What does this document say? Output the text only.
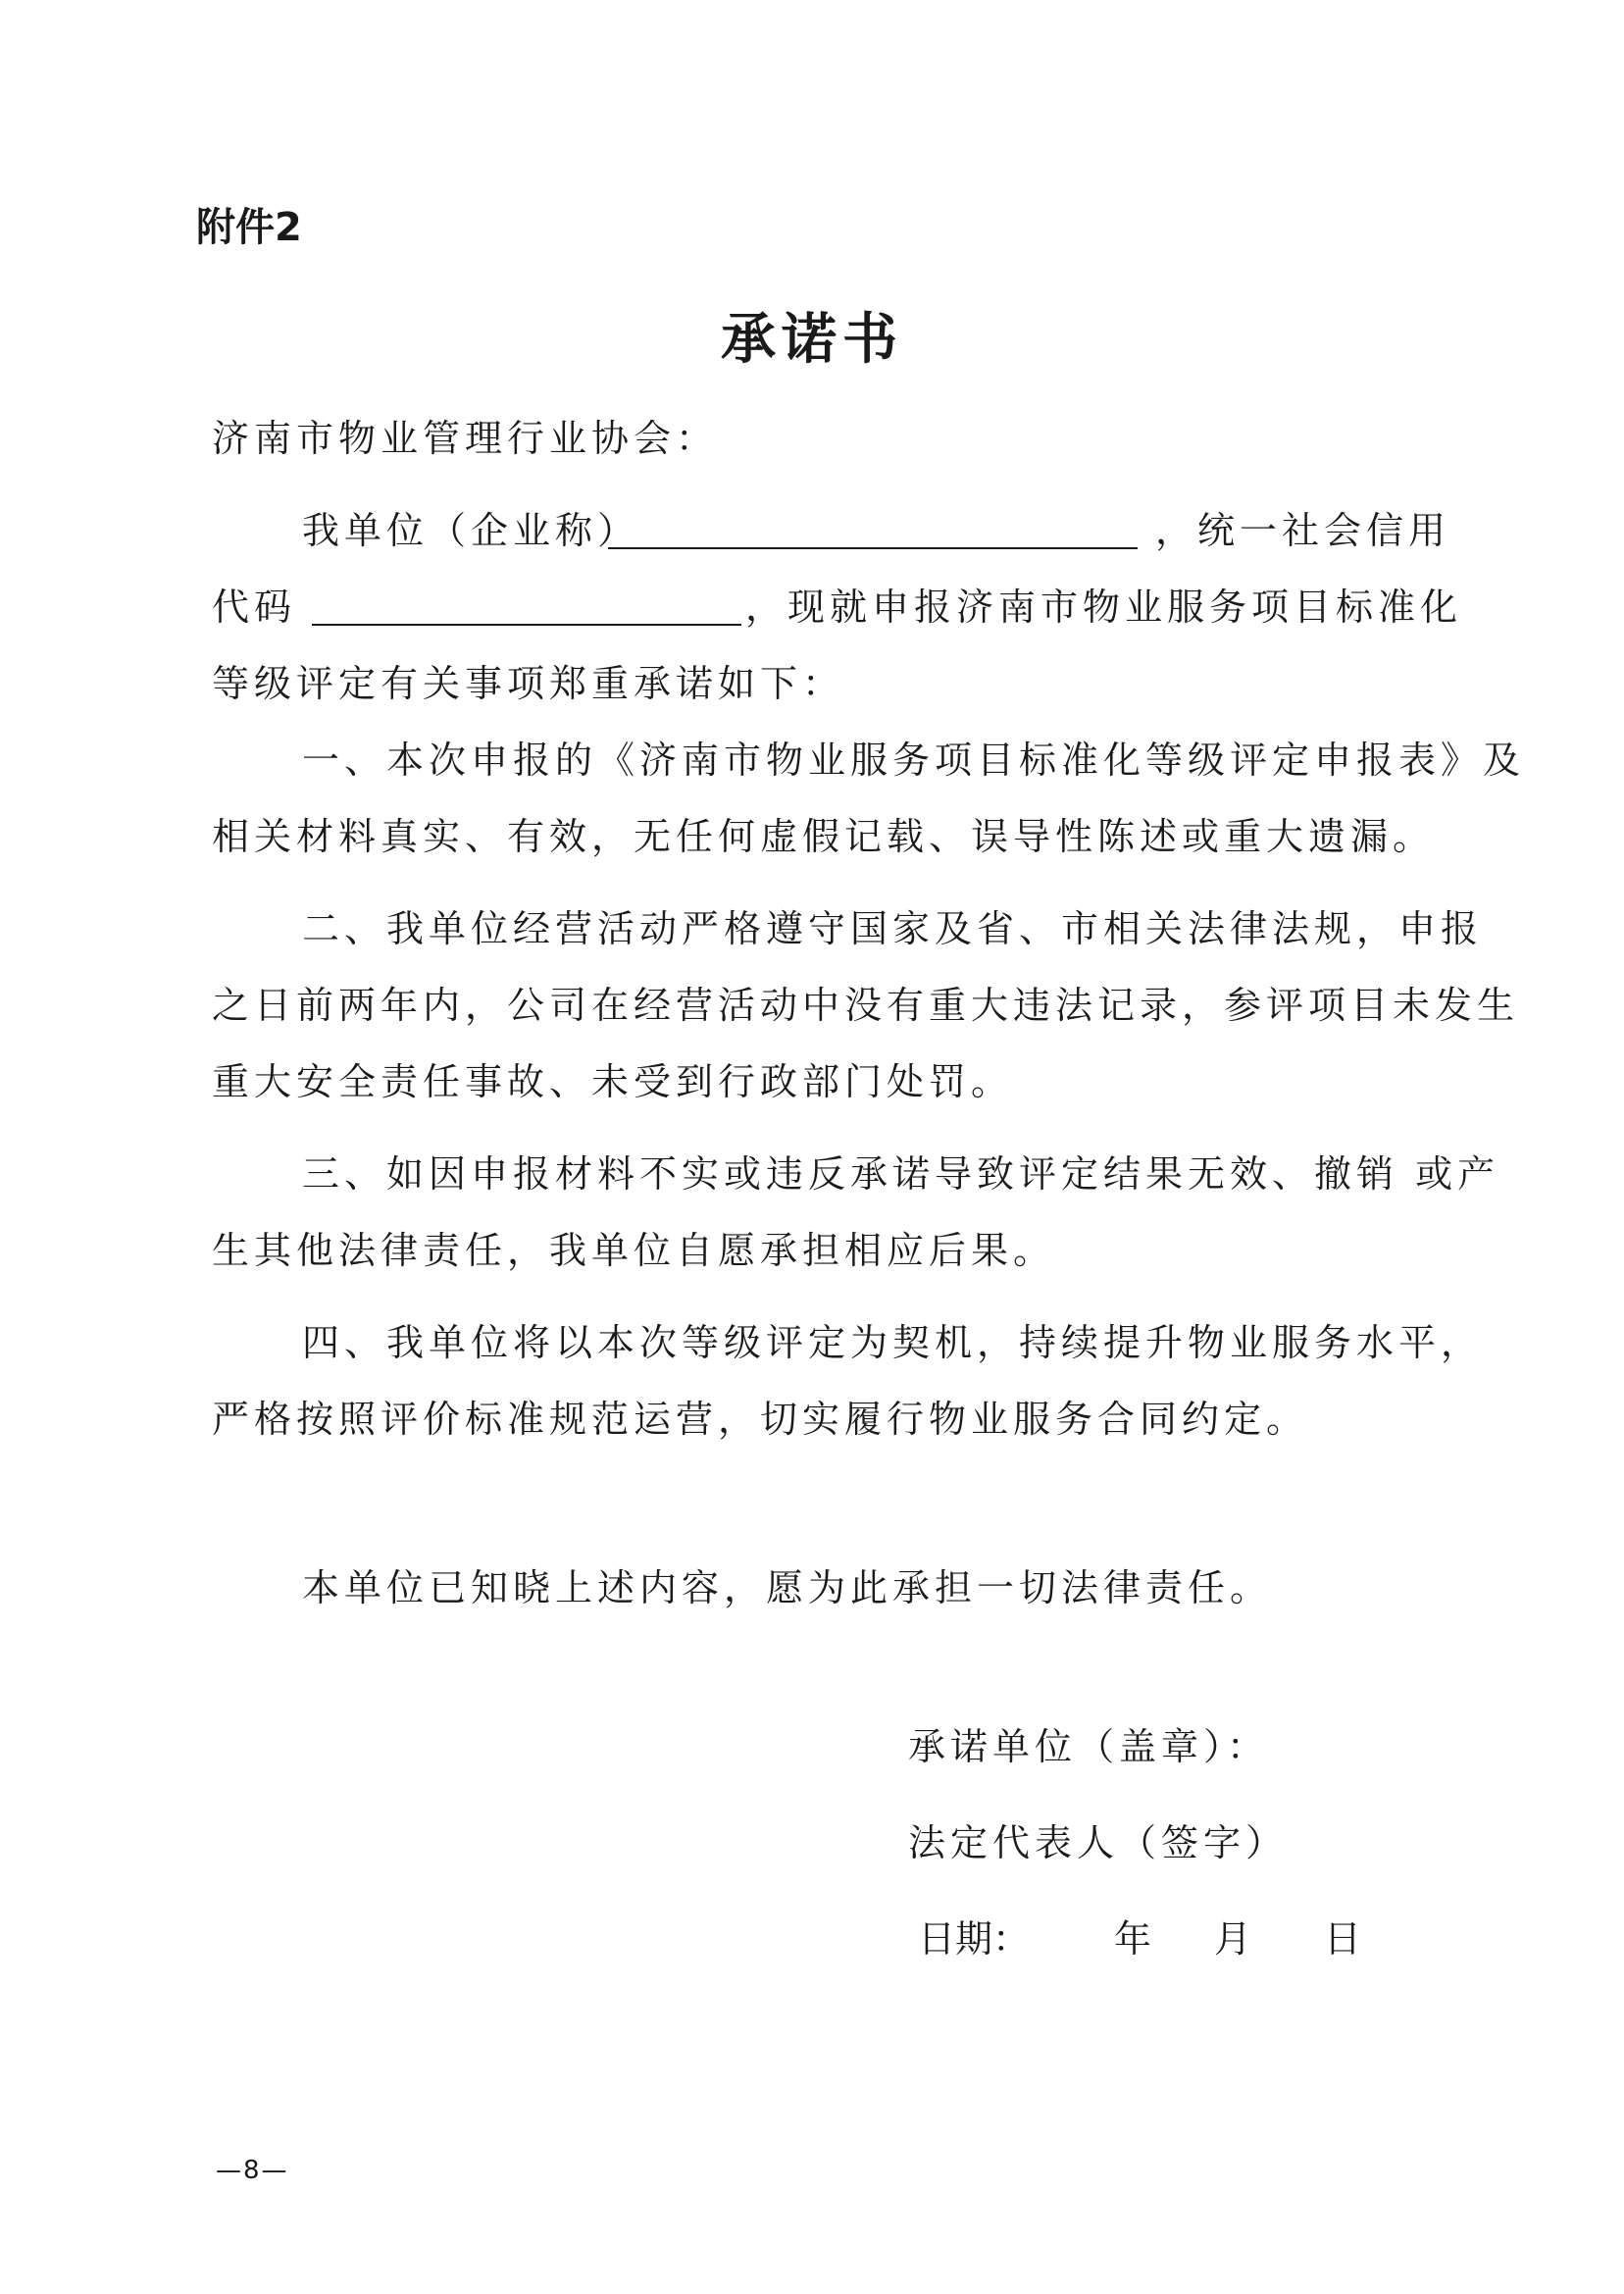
附件2
承诺书
济南市物业管理行业协会：
我单位（企业称）	，统一社会信用
代码	，现就申报济南市物业服务项目标准化
等级评定有关事项郑重承诺如下：
一、本次申报的《济南市物业服务项目标准化等级评定申报表》及
相关材料真实、有效，无任何虚假记载、误导性陈述或重大遗漏。
二、我单位经营活动严格遵守国家及省、市相关法律法规，申报
之日前两年内，公司在经营活动中没有重大违法记录，参评项目未发生
重大安全责任事故、未受到行政部门处罚。
三、如因申报材料不实或违反承诺导致评定结果无效、撤销 或产
生其他法律责任，我单位自愿承担相应后果。
四、我单位将以本次等级评定为契机，持续提升物业服务水平，
严格按照评价标准规范运营，切实履行物业服务合同约定。
本单位已知晓上述内容，愿为此承担一切法律责任。
承诺单位（盖章）：
法定代表人（签字）
日期： 年 月 日
—8—
